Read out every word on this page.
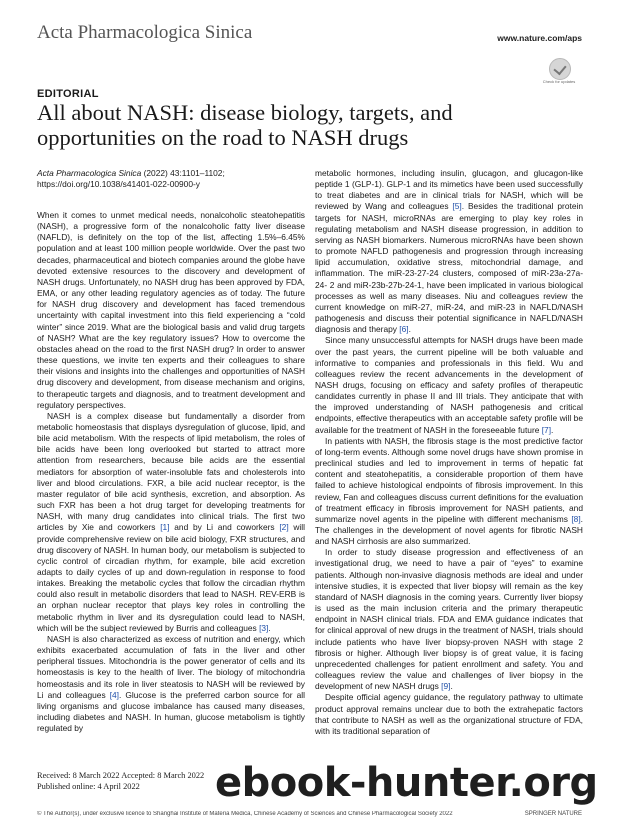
Acta Pharmacologica Sinica	www.nature.com/aps
Check for updates
EDITORIAL
All about NASH: disease biology, targets, and opportunities on the road to NASH drugs
Acta Pharmacologica Sinica (2022) 43:1101–1102;
https://doi.org/10.1038/s41401-022-00900-y

When it comes to unmet medical needs, nonalcoholic steatohepatitis (NASH), a progressive form of the nonalcoholic fatty liver disease (NAFLD), is definitely on the top of the list, affecting 1.5%–6.45% population and at least 100 million people worldwide. Over the past two decades, pharmaceutical and biotech companies around the globe have devoted extensive resources to the discovery and development of NASH drugs. Unfortunately, no NASH drug has been approved by FDA, EMA, or any other leading regulatory agencies as of today. The future for NASH drug discovery and development has faced tremendous uncertainty with capital investment into this field experiencing a “cold winter” since 2019. What are the biological basis and valid drug targets of NASH? What are the key regulatory issues? How to overcome the obstacles ahead on the road to the first NASH drug? In order to answer these questions, we invite ten experts and their colleagues to share their visions and insights into the challenges and opportunities of NASH drug discovery and development, from disease mechanism and origins, to therapeutic targets and diagnosis, and to treatment development and regulatory perspectives.

NASH is a complex disease but fundamentally a disorder from metabolic homeostasis that displays dysregulation of glucose, lipid, and bile acid metabolism. With the respects of lipid metabolism, the roles of bile acids have been long overlooked but started to attract more attention from researchers, because bile acids are the essential mediators for absorption of water-insoluble fats and cholesterols into liver and blood circulations. FXR, a bile acid nuclear receptor, is the master regulator of bile acid synthesis, excretion, and absorption. As such FXR has been a hot drug target for developing treatments for NASH, with many drug candidates into clinical trials. The first two articles by Xie and coworkers [1] and by Li and coworkers [2] will provide comprehensive review on bile acid biology, FXR structures, and drug discovery of NASH. In human body, our metabolism is subjected to cyclic control of circadian rhythm, for example, bile acid excretion adapts to daily cycles of up and down-regulation in response to food intakes. Breaking the metabolic cycles that follow the circadian rhythm could also result in metabolic disorders that lead to NASH. REV-ERB is an orphan nuclear receptor that plays key roles in controlling the metabolic rhythm in liver and its dysregulation could lead to NASH, which will be the subject reviewed by Burris and colleagues [3].

NASH is also characterized as excess of nutrition and energy, which exhibits exacerbated accumulation of fats in the liver and other peripheral tissues. Mitochondria is the power generator of cells and its homeostasis is key to the health of liver. The biology of mitochondria homeostasis and its role in liver steatosis to NASH will be reviewed by Li and colleagues [4]. Glucose is the preferred carbon source for all living organisms and glucose imbalance has caused many diseases, including diabetes and NASH. In human, glucose metabolism is tightly regulated by

metabolic hormones, including insulin, glucagon, and glucagon-like peptide 1 (GLP-1). GLP-1 and its mimetics have been used successfully to treat diabetes and are in clinical trials for NASH, which will be reviewed by Wang and colleagues [5]. Besides the traditional protein targets for NASH, microRNAs are emerging to play key roles in regulating metabolism and NASH disease progression, in addition to serving as NASH biomarkers. Numerous microRNAs have been shown to promote NAFLD pathogenesis and progression through increasing lipid accumulation, oxidative stress, mitochondrial damage, and inflammation. The miR-23-27-24 clusters, composed of miR-23a-27a-24- 2 and miR-23b-27b-24-1, have been implicated in various biological processes as well as many diseases. Niu and colleagues review the current knowledge on miR-27, miR-24, and miR-23 in NAFLD/NASH pathogenesis and discuss their potential significance in NAFLD/NASH diagnosis and therapy [6].

Since many unsuccessful attempts for NASH drugs have been made over the past years, the current pipeline will be both valuable and informative to companies and professionals in this field. Wu and colleagues review the recent advancements in the development of NASH drugs, focusing on efficacy and safety profiles of therapeutic candidates currently in phase II and III trials. They anticipate that with the improved understanding of NASH pathogenesis and critical endpoints, effective therapeutics with an acceptable safety profile will be available for the treatment of NASH in the foreseeable future [7].

In patients with NASH, the fibrosis stage is the most predictive factor of long-term events. Although some novel drugs have shown promise in preclinical studies and led to improvement in terms of hepatic fat content and steatohepatitis, a considerable proportion of them have failed to achieve histological endpoints of fibrosis improvement. In this review, Fan and colleagues discuss current definitions for the evaluation of treatment efficacy in fibrosis improvement for NASH patients, and summarize novel agents in the pipeline with different mechanisms [8]. The challenges in the development of novel agents for fibrotic NASH and NASH cirrhosis are also summarized.

In order to study disease progression and effectiveness of an investigational drug, we need to have a pair of “eyes” to examine patients. Although non-invasive diagnosis methods are ideal and under intensive studies, it is expected that liver biopsy will remain as the key standard of NASH diagnosis in the coming years. Currently liver biopsy is used as the main inclusion criteria and the primary therapeutic endpoint in NASH clinical trials. FDA and EMA guidance indicates that for clinical approval of new drugs in the treatment of NASH, trials should include patients who have liver biopsy-proven NASH with stage 2 fibrosis or higher. Although liver biopsy is of great value, it is facing unprecedented challenges for patient enrollment and safety. You and colleagues review the value and challenges of liver biopsy in the development of new NASH drugs [9].

Despite official agency guidance, the regulatory pathway to ultimate product approval remains unclear due to both the extrahepatic factors that contribute to NASH as well as the organizational structure of FDA, with its traditional separation of

Received: 8 March 2022 Accepted: 8 March 2022
Published online: 4 April 2022
© The Author(s), under exclusive licence to Shanghai Institute of Materia Medica, Chinese Academy of Sciences and Chinese Pharmacological Society 2022	SPRINGER NATURE
ebook-hunter.org
